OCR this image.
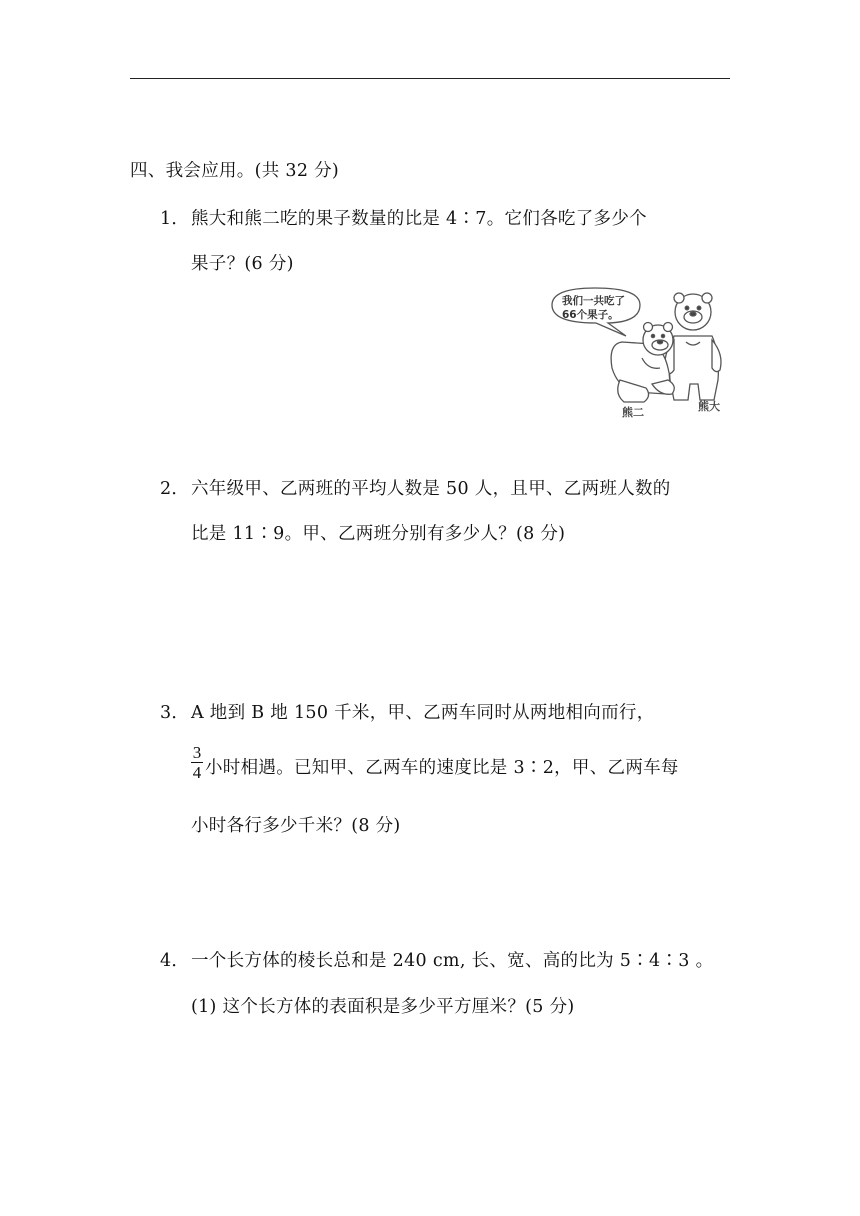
四、我会应用。(共 32 分)
1． 熊大和熊二吃的果子数量的比是 4∶7。它们各吃了多少个
果子？(6 分)
我们一共吃了
66个果子。
熊二	熊大
2． 六年级甲、乙两班的平均人数是 50 人，且甲、乙两班人数的
比是 11∶9。甲、乙两班分别有多少人？(8 分)
3． A 地到 B 地 150 千米，甲、乙两车同时从两地相向而行，
3
4 小时相遇。已知甲、乙两车的速度比是 3∶2，甲、乙两车每
小时各行多少千米？(8 分)
4． 一个长方体的棱长总和是 240 cm, 长、宽、高的比为 5∶4∶3 。
(1) 这个长方体的表面积是多少平方厘米？(5 分)
